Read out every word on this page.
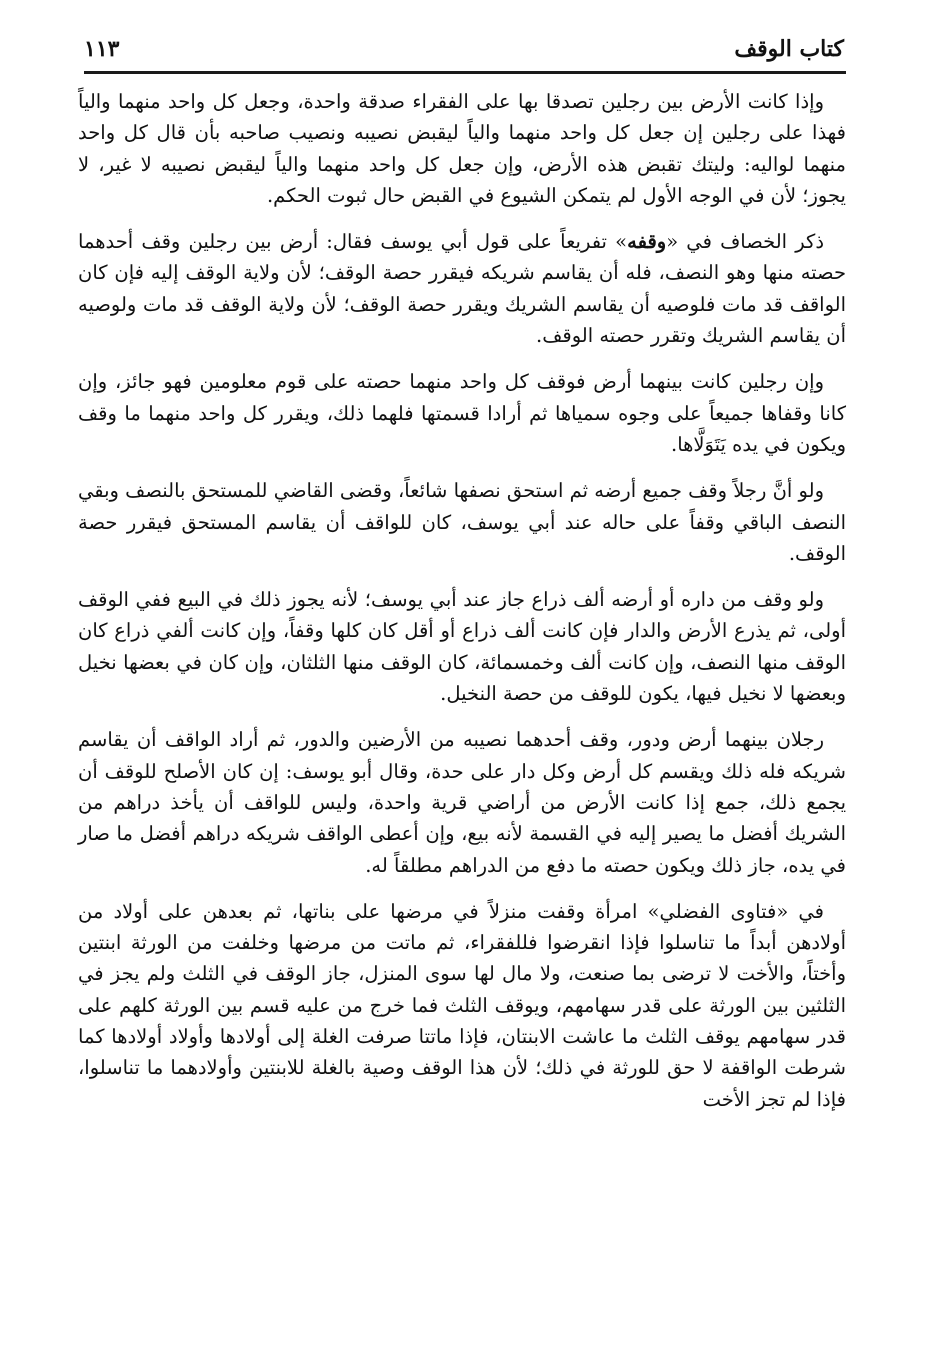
كتاب الوقف
١١٣

وإذا كانت الأرض بين رجلين تصدقا بها على الفقراء صدقة واحدة، وجعل كل واحد منهما والياً فهذا على رجلين إن جعل كل واحد منهما والياً ليقبض نصيبه ونصيب صاحبه بأن قال كل واحد منهما لواليه: وليتك تقبض هذه الأرض، وإن جعل كل واحد منهما والياً ليقبض نصيبه لا غير، لا يجوز؛ لأن في الوجه الأول لم يتمكن الشيوع في القبض حال ثبوت الحكم.

ذكر الخصاف في «وقفه» تفريعاً على قول أبي يوسف فقال: أرض بين رجلين وقف أحدهما حصته منها وهو النصف، فله أن يقاسم شريكه فيقرر حصة الوقف؛ لأن ولاية الوقف إليه فإن كان الواقف قد مات فلوصيه أن يقاسم الشريك ويقرر حصة الوقف؛ لأن ولاية الوقف قد مات ولوصيه أن يقاسم الشريك وتقرر حصته الوقف.

وإن رجلين كانت بينهما أرض فوقف كل واحد منهما حصته على قوم معلومين فهو جائز، وإن كانا وقفاها جميعاً على وجوه سمياها ثم أرادا قسمتها فلهما ذلك، ويقرر كل واحد منهما ما وقف ويكون في يده يَتَوَلَّاها.

ولو أنَّ رجلاً وقف جميع أرضه ثم استحق نصفها شائعاً، وقضى القاضي للمستحق بالنصف وبقي النصف الباقي وقفاً على حاله عند أبي يوسف، كان للواقف أن يقاسم المستحق فيقرر حصة الوقف.

ولو وقف من داره أو أرضه ألف ذراع جاز عند أبي يوسف؛ لأنه يجوز ذلك في البيع ففي الوقف أولى، ثم يذرع الأرض والدار فإن كانت ألف ذراع أو أقل كان كلها وقفاً، وإن كانت ألفي ذراع كان الوقف منها النصف، وإن كانت ألف وخمسمائة، كان الوقف منها الثلثان، وإن كان في بعضها نخيل وبعضها لا نخيل فيها، يكون للوقف من حصة النخيل.

رجلان بينهما أرض ودور، وقف أحدهما نصيبه من الأرضين والدور، ثم أراد الواقف أن يقاسم شريكه فله ذلك ويقسم كل أرض وكل دار على حدة، وقال أبو يوسف: إن كان الأصلح للوقف أن يجمع ذلك، جمع إذا كانت الأرض من أراضي قرية واحدة، وليس للواقف أن يأخذ دراهم من الشريك أفضل ما يصير إليه في القسمة لأنه بيع، وإن أعطى الواقف شريكه دراهم أفضل ما صار في يده، جاز ذلك ويكون حصته ما دفع من الدراهم مطلقاً له.

في «فتاوى الفضلي» امرأة وقفت منزلاً في مرضها على بناتها، ثم بعدهن على أولاد من أولادهن أبداً ما تناسلوا فإذا انقرضوا فللفقراء، ثم ماتت من مرضها وخلفت من الورثة ابنتين وأختاً، والأخت لا ترضى بما صنعت، ولا مال لها سوى المنزل، جاز الوقف في الثلث ولم يجز في الثلثين بين الورثة على قدر سهامهم، ويوقف الثلث فما خرج من عليه قسم بين الورثة كلهم على قدر سهامهم يوقف الثلث ما عاشت الابنتان، فإذا ماتتا صرفت الغلة إلى أولادها وأولاد أولادها كما شرطت الواقفة لا حق للورثة في ذلك؛ لأن هذا الوقف وصية بالغلة للابنتين وأولادهما ما تناسلوا، فإذا لم تجز الأخت
